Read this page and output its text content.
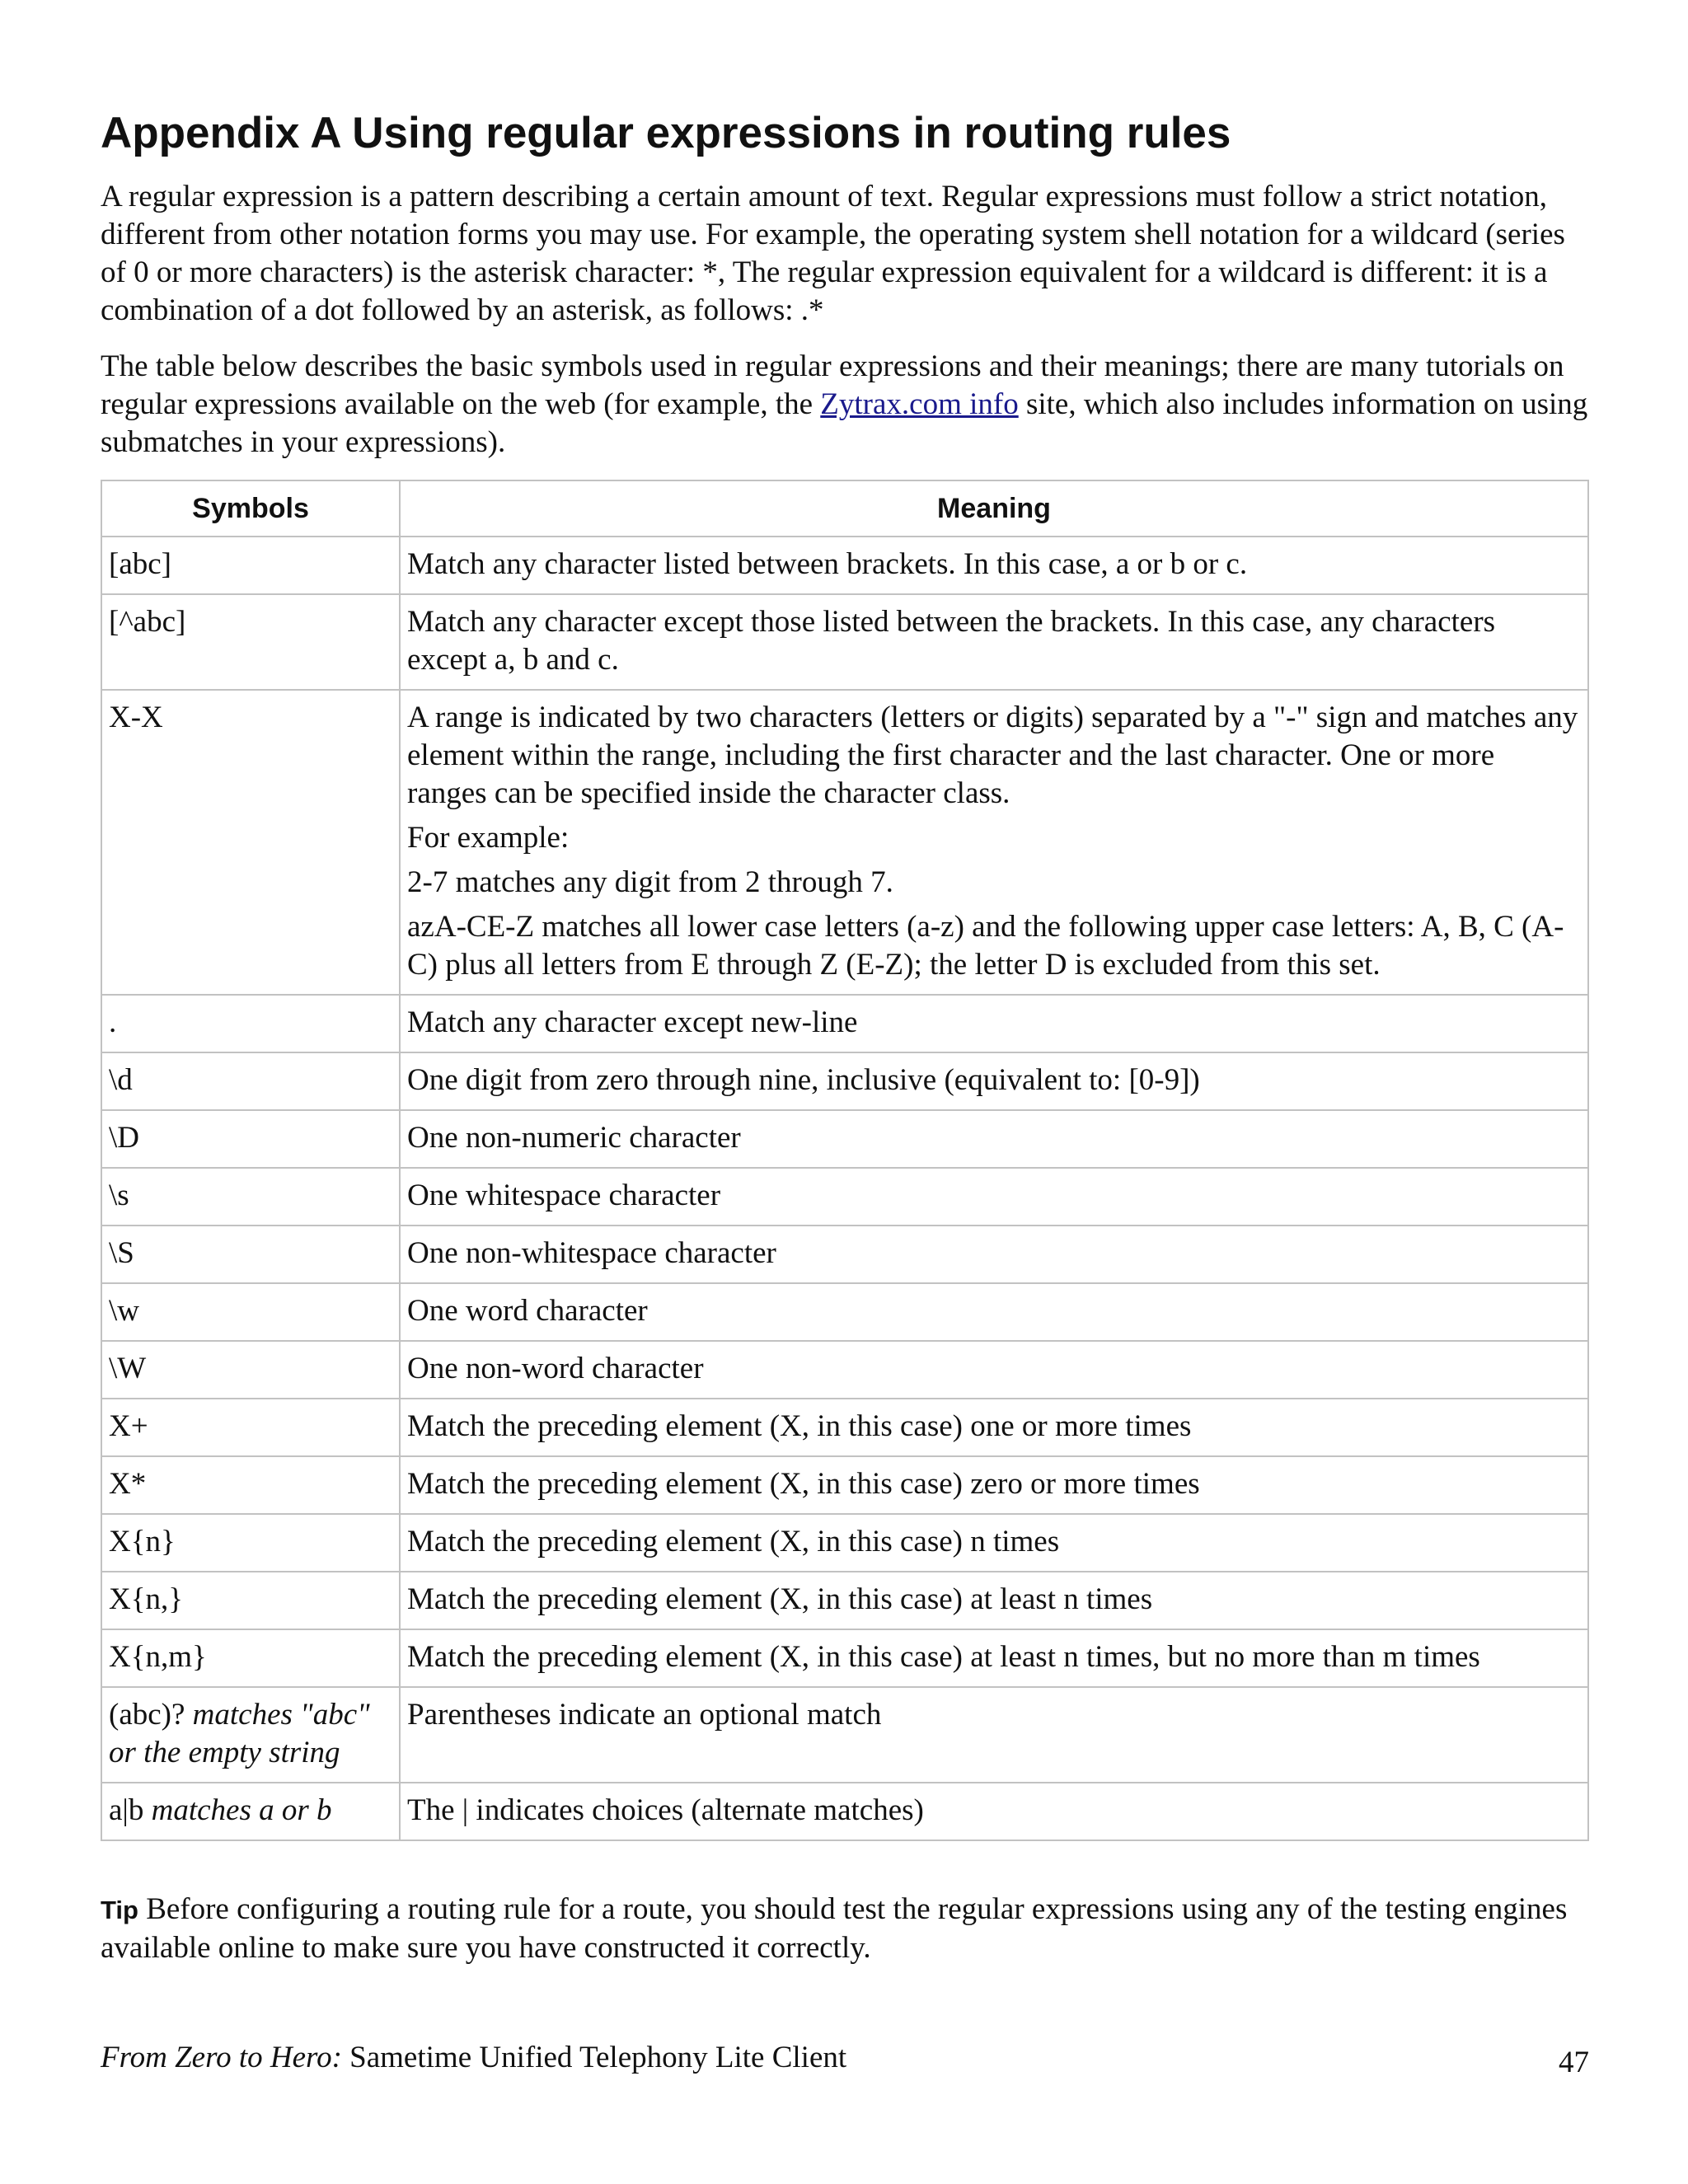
Appendix A Using regular expressions in routing rules

A regular expression is a pattern describing a certain amount of text. Regular expressions must follow a strict notation, different from other notation forms you may use. For example, the operating system shell notation for a wildcard (series of 0 or more characters) is the asterisk character: *, The regular expression equivalent for a wildcard is different: it is a combination of a dot followed by an asterisk, as follows: .*

The table below describes the basic symbols used in regular expressions and their meanings; there are many tutorials on regular expressions available on the web (for example, the Zytrax.com info site, which also includes information on using submatches in your expressions).

Symbols	Meaning
[abc]	Match any character listed between brackets. In this case, a or b or c.

[^abc]	Match any character except those listed between the brackets. In this case, any characters except a, b and c.

X-X	A range is indicated by two characters (letters or digits) separated by a "-" sign and matches any element within the range, including the first character and the last character. One or more ranges can be specified inside the character class.
For example:
2-7 matches any digit from 2 through 7.
azA-CE-Z matches all lower case letters (a-z) and the following upper case letters: A, B, C (A-C) plus all letters from E through Z (E-Z); the letter D is excluded from this set.

.	Match any character except new-line

\d	One digit from zero through nine, inclusive (equivalent to: [0-9])

\D	One non-numeric character

\s	One whitespace character

\S	One non-whitespace character

\w	One word character

\W	One non-word character

X+	Match the preceding element (X, in this case) one or more times

X*	Match the preceding element (X, in this case) zero or more times

X{n}	Match the preceding element (X, in this case) n times

X{n,}	Match the preceding element (X, in this case) at least n times

X{n,m}	Match the preceding element (X, in this case) at least n times, but no more than m times

(abc)? matches "abc" or the empty string	Parentheses indicate an optional match

a|b matches a or b	The | indicates choices (alternate matches)
Tip Before configuring a routing rule for a route, you should test the regular expressions using any of the testing engines available online to make sure you have constructed it correctly.
From Zero to Hero: Sametime Unified Telephony Lite Client	47
